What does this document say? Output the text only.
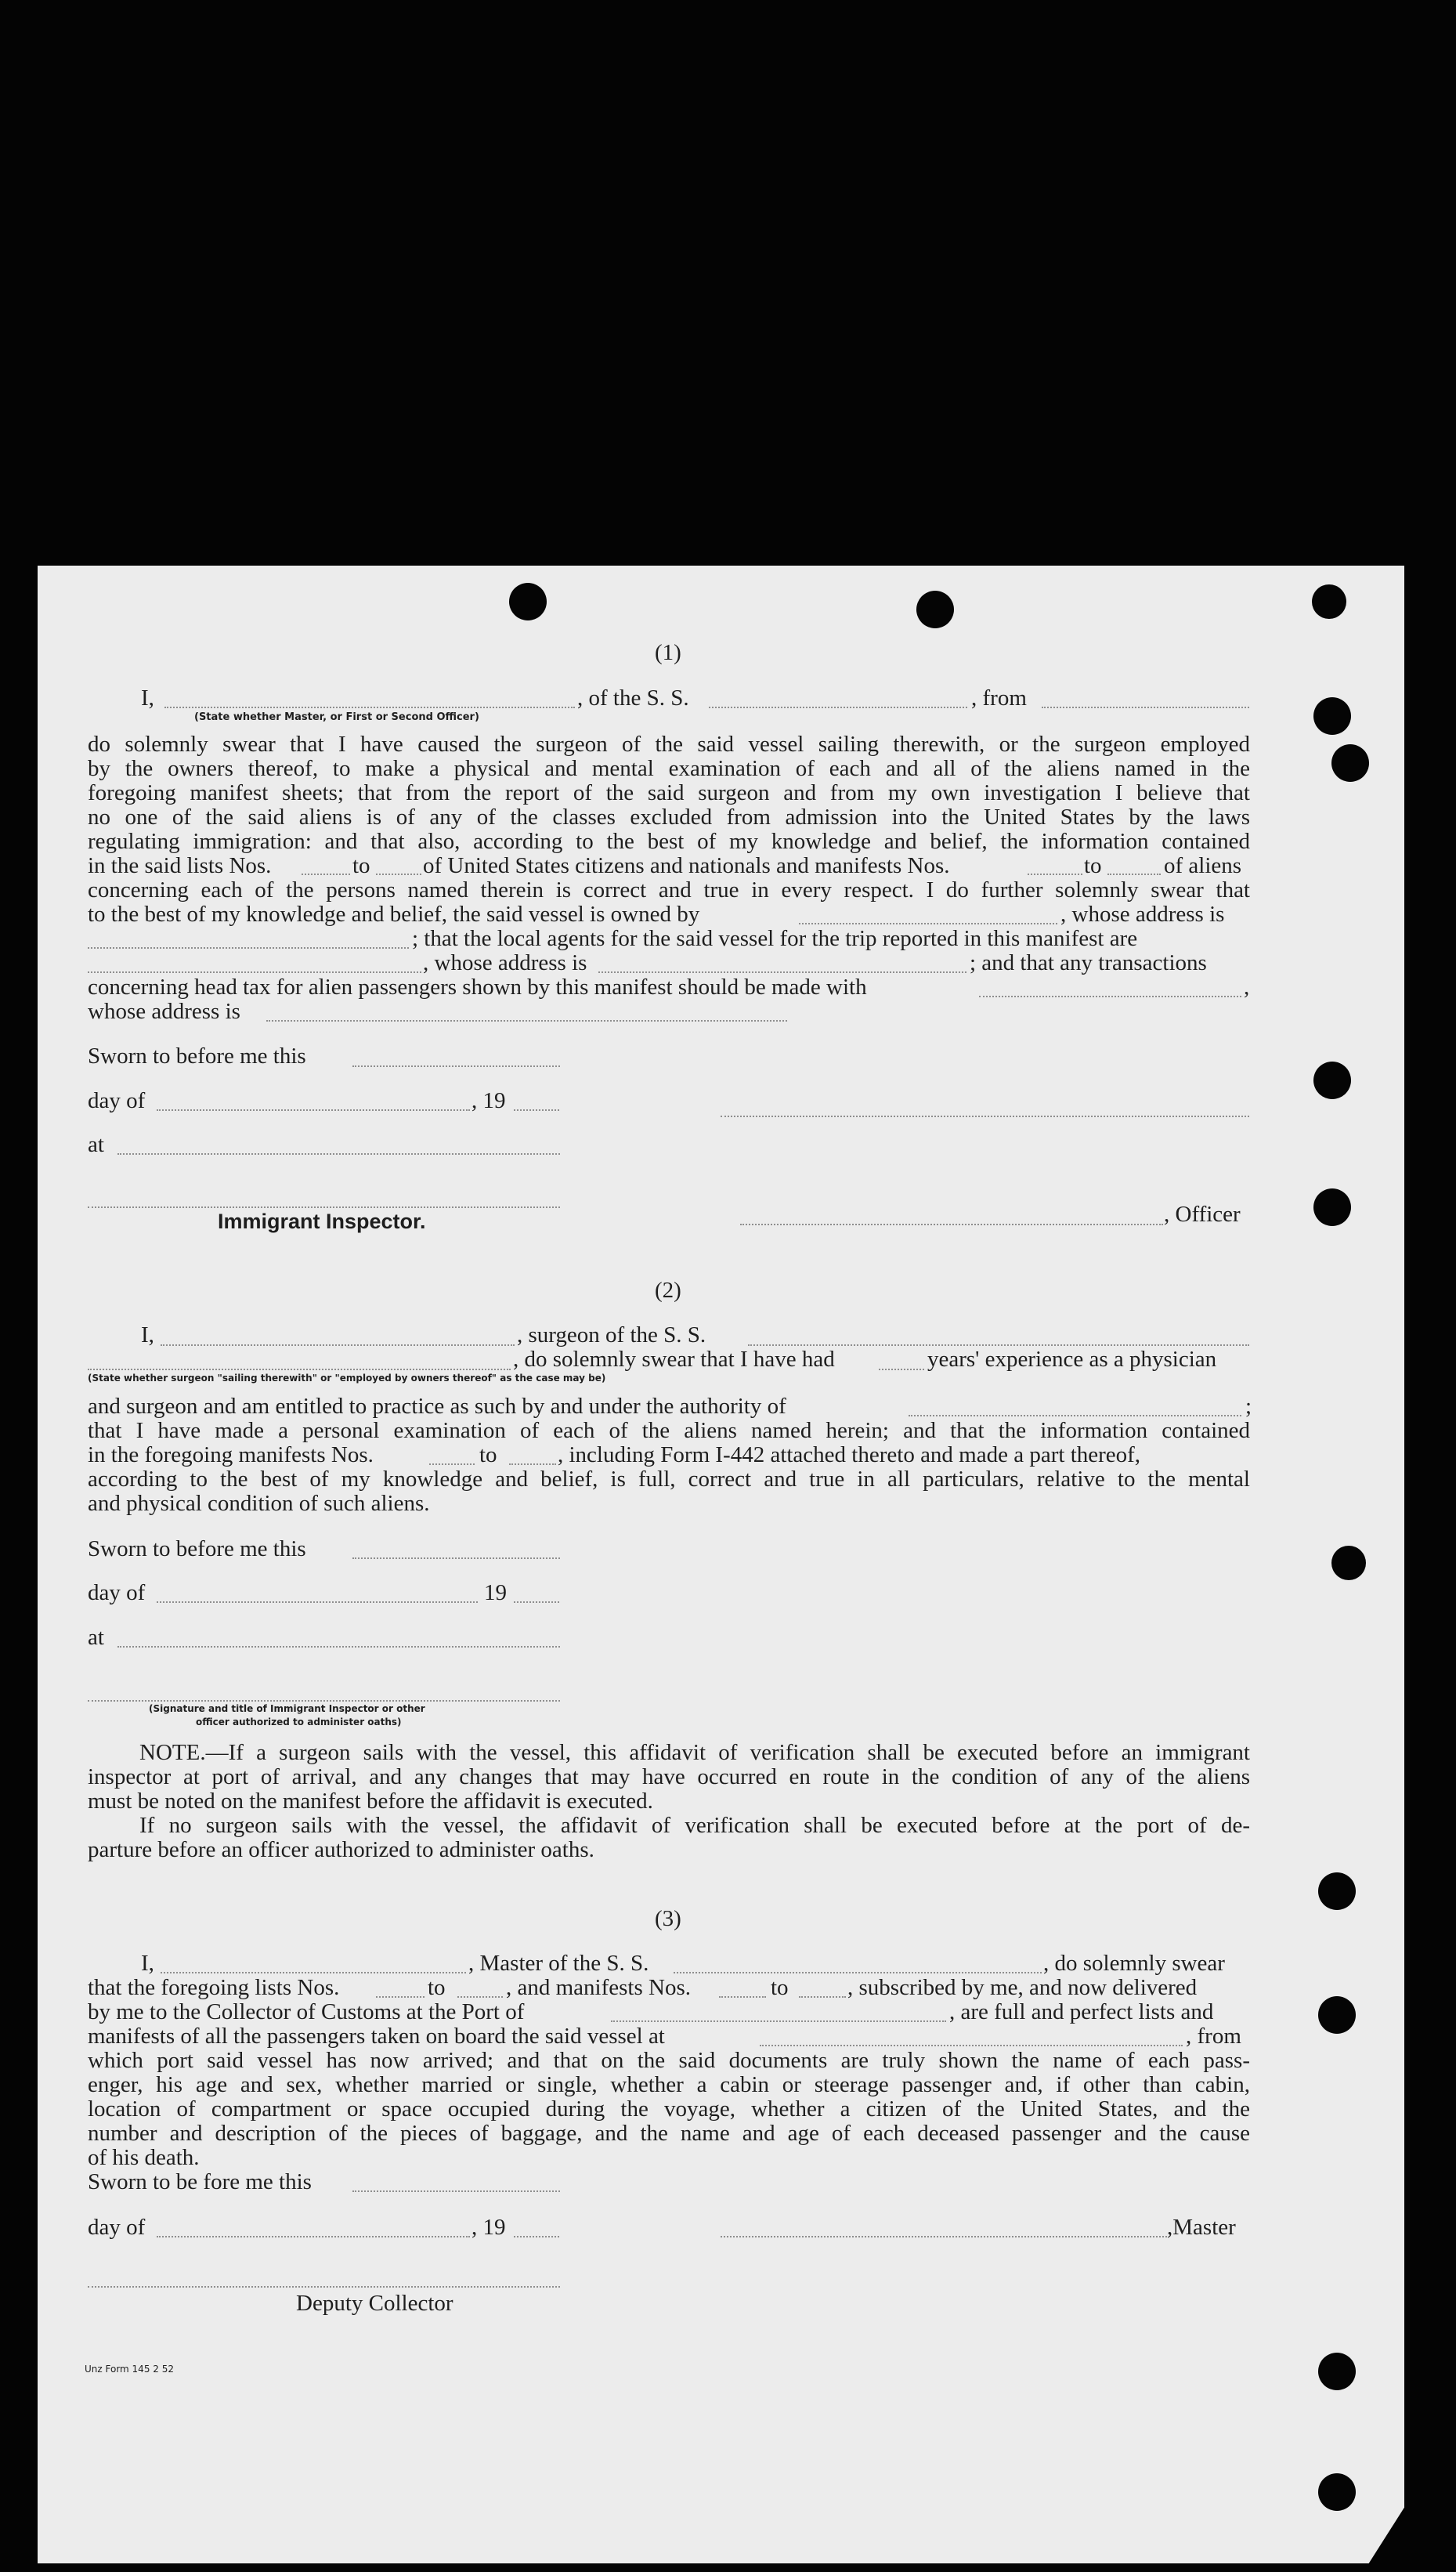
(1)
I,	, of the S. S.	, from
(State whether Master, or First or Second Officer)
do solemnly swear that I have caused the surgeon of the said vessel sailing therewith, or the surgeon employed
by the owners thereof, to make a physical and mental examination of each and all of the aliens named in the
foregoing manifest sheets; that from the report of the said surgeon and from my own investigation I believe that
no one of the said aliens is of any of the classes excluded from admission into the United States by the laws
regulating immigration: and that also, according to the best of my knowledge and belief, the information contained
in the said lists Nos.	to of United States citizens and nationals and manifests Nos.	to	of aliens
concerning each of the persons named therein is correct and true in every respect. I do further solemnly swear that
to the best of my knowledge and belief, the said vessel is owned by	, whose address is
; that the local agents for the said vessel for the trip reported in this manifest are
, whose address is	; and that any transactions
concerning head tax for alien passengers shown by this manifest should be made with	,
whose address is
Sworn to before me this
day of	, 19
at
Immigrant Inspector.	, Officer
(2)
I,	, surgeon of the S. S.
, do solemnly swear that I have had	years' experience as a physician
(State whether surgeon "sailing therewith" or "employed by owners thereof" as the case may be)
and surgeon and am entitled to practice as such by and under the authority of	;
that I have made a personal examination of each of the aliens named herein; and that the information contained
in the foregoing manifests Nos.	to	, including Form I-442 attached thereto and made a part thereof,
according to the best of my knowledge and belief, is full, correct and true in all particulars, relative to the mental
and physical condition of such aliens.
Sworn to before me this
day of	19
at
(Signature and title of Immigrant Inspector or other
officer authorized to administer oaths)
NOTE.—If a surgeon sails with the vessel, this affidavit of verification shall be executed before an immigrant
inspector at port of arrival, and any changes that may have occurred en route in the condition of any of the aliens
must be noted on the manifest before the affidavit is executed.
If no surgeon sails with the vessel, the affidavit of verification shall be executed before at the port of de-
parture before an officer authorized to administer oaths.
(3)
I,	, Master of the S. S.	, do solemnly swear
that the foregoing lists Nos.	to	, and manifests Nos.	to	, subscribed by me, and now delivered
by me to the Collector of Customs at the Port of	, are full and perfect lists and
manifests of all the passengers taken on board the said vessel at	, from
which port said vessel has now arrived; and that on the said documents are truly shown the name of each pass-
enger, his age and sex, whether married or single, whether a cabin or steerage passenger and, if other than cabin,
location of compartment or space occupied during the voyage, whether a citizen of the United States, and the
number and description of the pieces of baggage, and the name and age of each deceased passenger and the cause
of his death.
Sworn to be fore me this
day of	, 19	,Master
Deputy Collector
Unz Form 145 2 52
